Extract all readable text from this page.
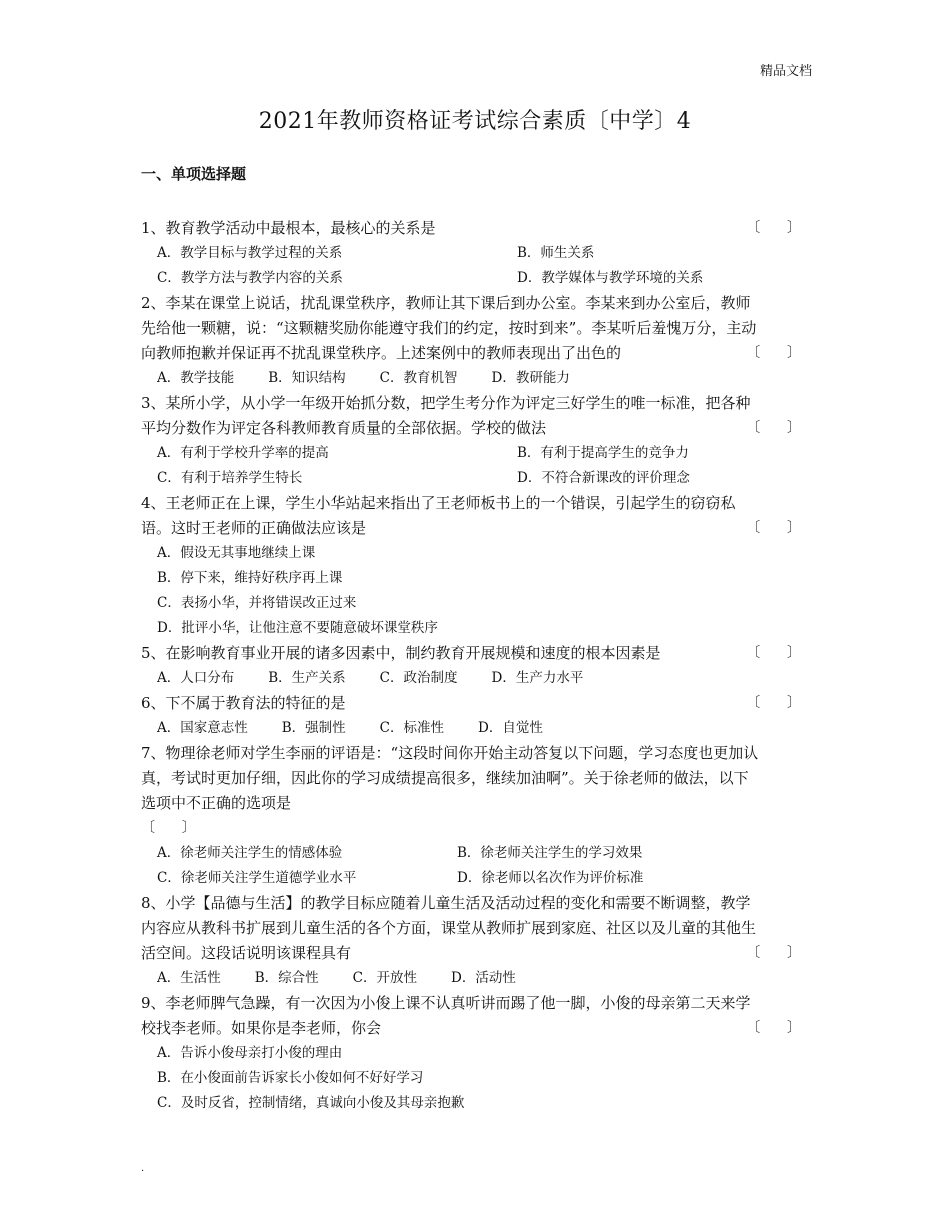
精品文档
2021年教师资格证考试综合素质〔中学〕4
一、单项选择题
1、教育教学活动中最根本，最核心的关系是	〔      〕
A．教学目标与教学过程的关系	B．师生关系
C．教学方法与教学内容的关系	D．教学媒体与教学环境的关系
2、李某在课堂上说话，扰乱课堂秩序，教师让其下课后到办公室。李某来到办公室后，教师先给他一颗糖，说：“这颗糖奖励你能遵守我们的约定，按时到来”。李某听后羞愧万分，主动向教师抱歉并保证再不扰乱课堂秩序。上述案例中的教师表现出了出色的	〔      〕
A．教学技能	B．知识结构	C．教育机智	D．教研能力
3、某所小学，从小学一年级开始抓分数，把学生考分作为评定三好学生的唯一标准，把各种平均分数作为评定各科教师教育质量的全部依据。学校的做法	〔      〕
A．有利于学校升学率的提高	B．有利于提高学生的竞争力
C．有利于培养学生特长	D．不符合新课改的评价理念
4、王老师正在上课，学生小华站起来指出了王老师板书上的一个错误，引起学生的窃窃私语。这时王老师的正确做法应该是	〔      〕
A．假设无其事地继续上课
B．停下来，维持好秩序再上课
C．表扬小华，并将错误改正过来
D．批评小华，让他注意不要随意破坏课堂秩序
5、在影响教育事业开展的诸多因素中，制约教育开展规模和速度的根本因素是	〔      〕
A．人口分布	B．生产关系	C．政治制度	D．生产力水平
6、下不属于教育法的特征的是	〔      〕
A．国家意志性	B．强制性	C．标准性	D．自觉性
7、物理徐老师对学生李丽的评语是：“这段时间你开始主动答复以下问题，学习态度也更加认真，考试时更加仔细，因此你的学习成绩提高很多，继续加油啊”。关于徐老师的做法，以下选项中不正确的选项是
〔      〕
A．徐老师关注学生的情感体验	B．徐老师关注学生的学习效果
C．徐老师关注学生道德学业水平	D．徐老师以名次作为评价标准
8、小学【品德与生活】的教学目标应随着儿童生活及活动过程的变化和需要不断调整，教学内容应从教科书扩展到儿童生活的各个方面，课堂从教师扩展到家庭、社区以及儿童的其他生活空间。这段话说明该课程具有	〔      〕
A．生活性	B．综合性	C．开放性	D．活动性
9、李老师脾气急躁，有一次因为小俊上课不认真听讲而踢了他一脚，小俊的母亲第二天来学校找李老师。如果你是李老师，你会	〔      〕
A．告诉小俊母亲打小俊的理由
B．在小俊面前告诉家长小俊如何不好好学习
C．及时反省，控制情绪，真诚向小俊及其母亲抱歉
.
